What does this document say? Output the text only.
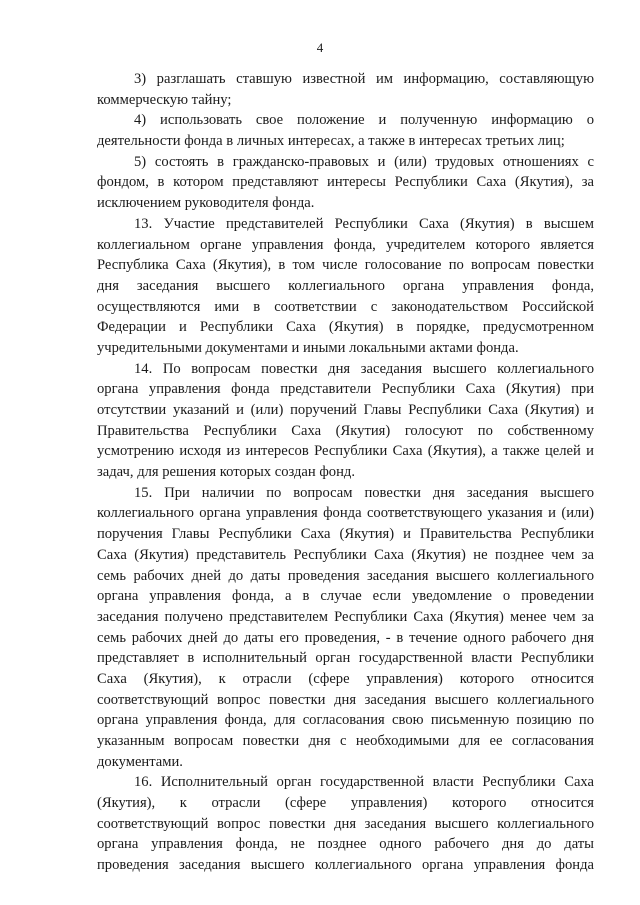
4
3) разглашать ставшую известной им информацию, составляющую
коммерческую тайну;
4) использовать свое положение и полученную информацию о
деятельности фонда в личных интересах, а также в интересах третьих лиц;
5) состоять в гражданско-правовых и (или) трудовых отношениях с
фондом, в котором представляют интересы Республики Саха (Якутия), за
исключением руководителя фонда.
13. Участие представителей Республики Саха (Якутия) в высшем
коллегиальном органе управления фонда, учредителем которого является
Республика Саха (Якутия), в том числе голосование по вопросам повестки
дня заседания высшего коллегиального органа управления фонда,
осуществляются ими в соответствии с законодательством Российской
Федерации и Республики Саха (Якутия) в порядке, предусмотренном
учредительными документами и иными локальными актами фонда.
14. По вопросам повестки дня заседания высшего коллегиального
органа управления фонда представители Республики Саха (Якутия) при
отсутствии указаний и (или) поручений Главы Республики Саха (Якутия) и
Правительства Республики Саха (Якутия) голосуют по собственному
усмотрению исходя из интересов Республики Саха (Якутия), а также целей и
задач, для решения которых создан фонд.
15. При наличии по вопросам повестки дня заседания высшего
коллегиального органа управления фонда соответствующего указания и (или)
поручения Главы Республики Саха (Якутия) и Правительства Республики
Саха (Якутия) представитель Республики Саха (Якутия) не позднее чем за
семь рабочих дней до даты проведения заседания высшего коллегиального
органа управления фонда, а в случае если уведомление о проведении
заседания получено представителем Республики Саха (Якутия) менее чем за
семь рабочих дней до даты его проведения, - в течение одного рабочего дня
представляет в исполнительный орган государственной власти Республики
Саха (Якутия), к отрасли (сфере управления) которого относится
соответствующий вопрос повестки дня заседания высшего коллегиального
органа управления фонда, для согласования свою письменную позицию по
указанным вопросам повестки дня с необходимыми для ее согласования
документами.
16. Исполнительный орган государственной власти Республики Саха
(Якутия), к отрасли (сфере управления) которого относится
соответствующий вопрос повестки дня заседания высшего коллегиального
органа управления фонда, не позднее одного рабочего дня до даты
проведения заседания высшего коллегиального органа управления фонда
